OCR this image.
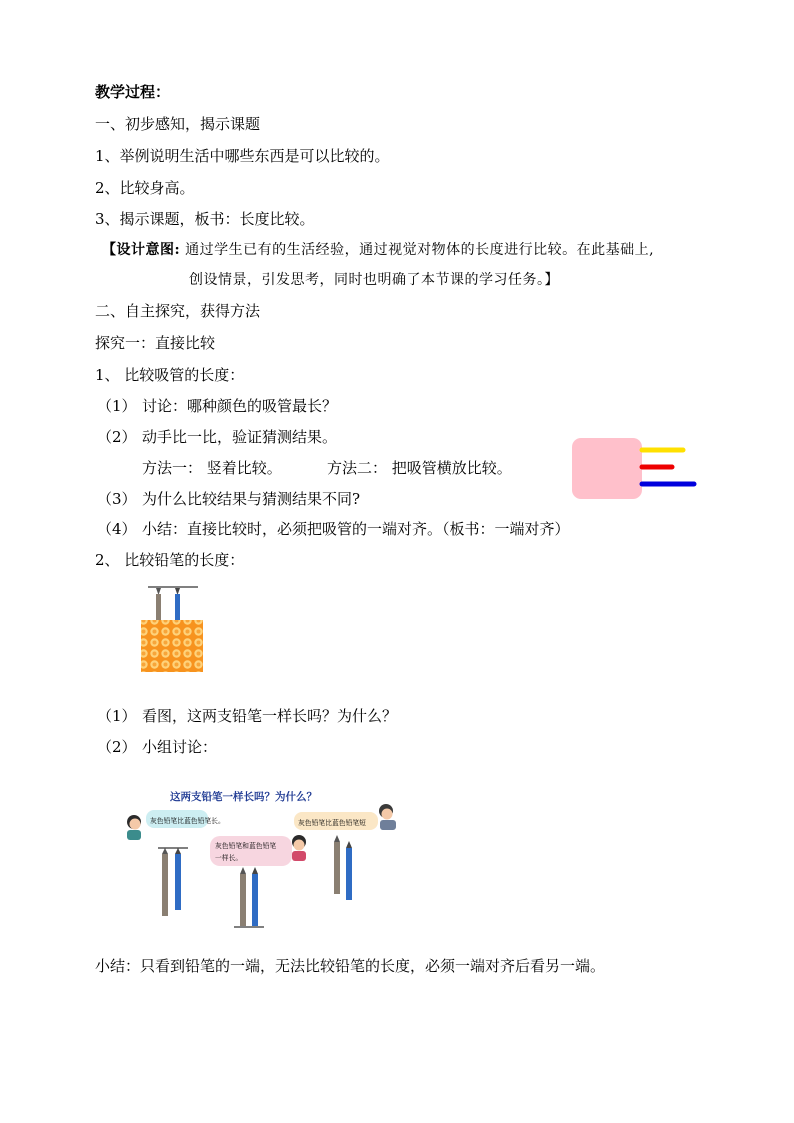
教学过程：
一、初步感知，揭示课题
1、举例说明生活中哪些东西是可以比较的。
2、比较身高。
3、揭示课题，板书：长度比较。
【设计意图: 通过学生已有的生活经验，通过视觉对物体的长度进行比较。在此基础上,
创设情景，引发思考，同时也明确了本节课的学习任务。】
二、自主探究，获得方法
探究一：直接比较
1、 比较吸管的长度：
（1） 讨论：哪种颜色的吸管最长？
（2） 动手比一比，验证猜测结果。
方法一： 竖着比较。	方法二： 把吸管横放比较。
（3） 为什么比较结果与猜测结果不同?
（4） 小结：直接比较时，必须把吸管的一端对齐。（板书：一端对齐）
2、 比较铅笔的长度：
（1） 看图，这两支铅笔一样长吗？为什么？
（2） 小组讨论：
这两支铅笔一样长吗？为什么？
灰色铅笔比蓝色铅笔长。
灰色铅笔和蓝色铅笔
一样长。
灰色铅笔比蓝色铅笔短
小结：只看到铅笔的一端，无法比较铅笔的长度，必须一端对齐后看另一端。
